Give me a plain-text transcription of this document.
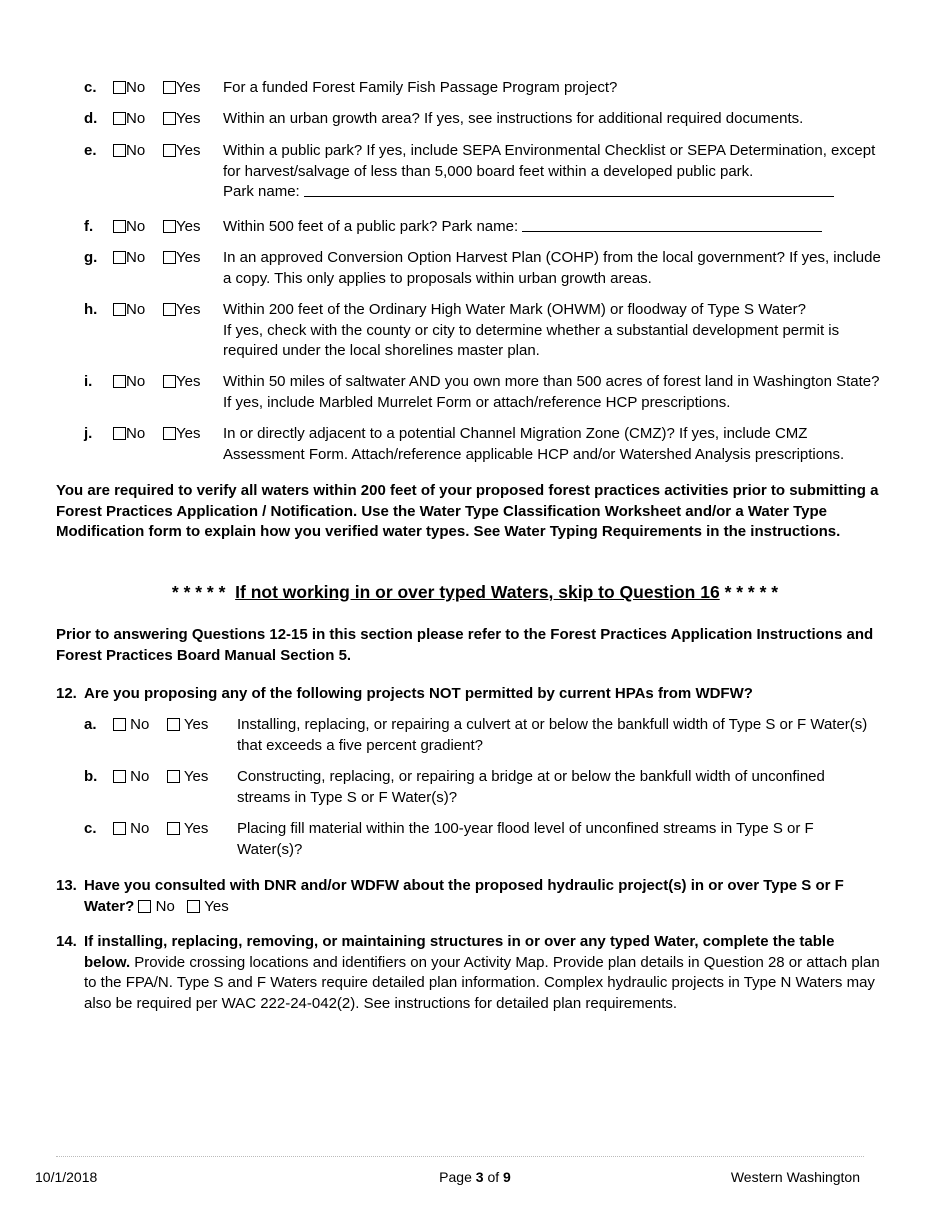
c.	No	Yes For a funded Forest Family Fish Passage Program project?
d.	No	Yes Within an urban growth area? If yes, see instructions for additional required documents.
e.	No	Yes Within a public park? If yes, include SEPA Environmental Checklist or SEPA Determination, except for harvest/salvage of less than 5,000 board feet within a developed public park.
Park name:
f.	No	Yes Within 500 feet of a public park? Park name:
g.	No	Yes In an approved Conversion Option Harvest Plan (COHP) from the local government? If yes, include a copy. This only applies to proposals within urban growth areas.
h.	No	Yes Within 200 feet of the Ordinary High Water Mark (OHWM) or floodway of Type S Water?
If yes, check with the county or city to determine whether a substantial development permit is required under the local shorelines master plan.
i.	No	Yes Within 50 miles of saltwater AND you own more than 500 acres of forest land in Washington State? If yes, include Marbled Murrelet Form or attach/reference HCP prescriptions.
j.	No	Yes In or directly adjacent to a potential Channel Migration Zone (CMZ)? If yes, include CMZ Assessment Form. Attach/reference applicable HCP and/or Watershed Analysis prescriptions.
You are required to verify all waters within 200 feet of your proposed forest practices activities prior to submitting a Forest Practices Application / Notification. Use the Water Type Classification Worksheet and/or a Water Type Modification form to explain how you verified water types. See Water Typing Requirements in the instructions.
* * * * * If not working in or over typed Waters, skip to Question 16 * * * * *
Prior to answering Questions 12-15 in this section please refer to the Forest Practices Application Instructions and Forest Practices Board Manual Section 5.
12. Are you proposing any of the following projects NOT permitted by current HPAs from WDFW?
a.	No	Yes Installing, replacing, or repairing a culvert at or below the bankfull width of Type S or F Water(s) that exceeds a five percent gradient?
b.	No	Yes Constructing, replacing, or repairing a bridge at or below the bankfull width of unconfined streams in Type S or F Water(s)?
c.	No	Yes Placing fill material within the 100-year flood level of unconfined streams in Type S or F Water(s)?
13. Have you consulted with DNR and/or WDFW about the proposed hydraulic project(s) in or over Type S or F Water? No Yes
14. If installing, replacing, removing, or maintaining structures in or over any typed Water, complete the table below. Provide crossing locations and identifiers on your Activity Map. Provide plan details in Question 28 or attach plan to the FPA/N. Type S and F Waters require detailed plan information. Complex hydraulic projects in Type N Waters may also be required per WAC 222-24-042(2). See instructions for detailed plan requirements.
10/1/2018	Page 3 of 9	Western Washington
